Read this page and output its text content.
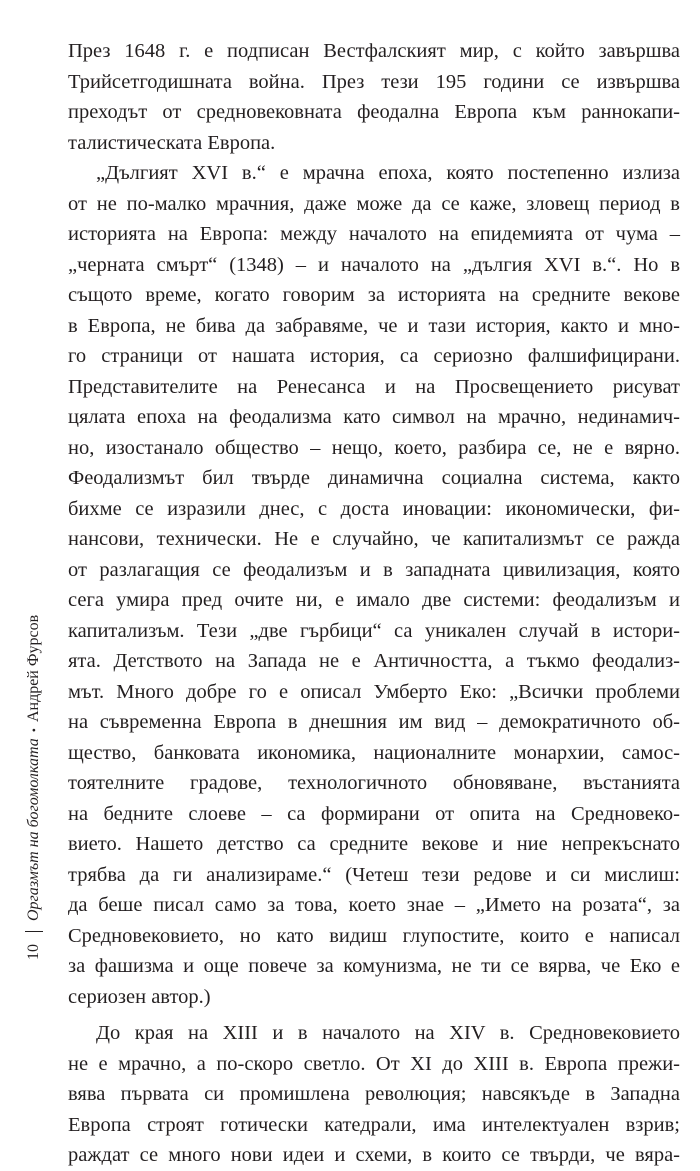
10
Оргазмът на богомолката
•
Андрей Фурсов
През 1648 г. е подписан Вестфалският мир, с който завършва
Трийсетгодишната война. През тези 195 години се извършва
преходът от средновековната феодална Европа към раннокапи-
талистическата Европа.
„Дългият XVI в.“ е мрачна епоха, която постепенно излиза
от не по-малко мрачния, даже може да се каже, зловещ период в
историята на Европа: между началото на епидемията от чума –
„черната смърт“ (1348) – и началото на „дългия XVI в.“. Но в
същото време, когато говорим за историята на средните векове
в Европа, не бива да забравяме, че и тази история, както и мно-
го страници от нашата история, са сериозно фалшифицирани.
Представителите на Ренесанса и на Просвещението рисуват
цялата епоха на феодализма като символ на мрачно, нединамич-
но, изостанало общество – нещо, което, разбира се, не е вярно.
Феодализмът бил твърде динамична социална система, както
бихме се изразили днес, с доста иновации: икономически, фи-
нансови, технически. Не е случайно, че капитализмът се ражда
от разлагащия се феодализъм и в западната цивилизация, която
сега умира пред очите ни, е имало две системи: феодализъм и
капитализъм. Тези „две гърбици“ са уникален случай в истори-
ята. Детството на Запада не е Античността, а тъкмо феодализ-
мът. Много добре го е описал Умберто Еко: „Всички проблеми
на съвременна Европа в днешния им вид – демократичното об-
щество, банковата икономика, националните монархии, самос-
тоятелните градове, технологичното обновяване, въстанията
на бедните слоеве – са формирани от опита на Средновеко-
вието. Нашето детство са средните векове и ние непрекъснато
трябва да ги анализираме.“ (Четеш тези редове и си мислиш:
да беше писал само за това, което знае – „Името на розата“, за
Средновековието, но като видиш глупостите, които е написал
за фашизма и още повече за комунизма, не ти се вярва, че Еко е
сериозен автор.)
До края на XIII и в началото на XIV в. Средновековието
не е мрачно, а по-скоро светло. От XI до XIII в. Европа прежи-
вява първата си промишлена революция; навсякъде в Западна
Европа строят готически катедрали, има интелектуален взрив;
раждат се много нови идеи и схеми, в които се твърди, че вяра-
